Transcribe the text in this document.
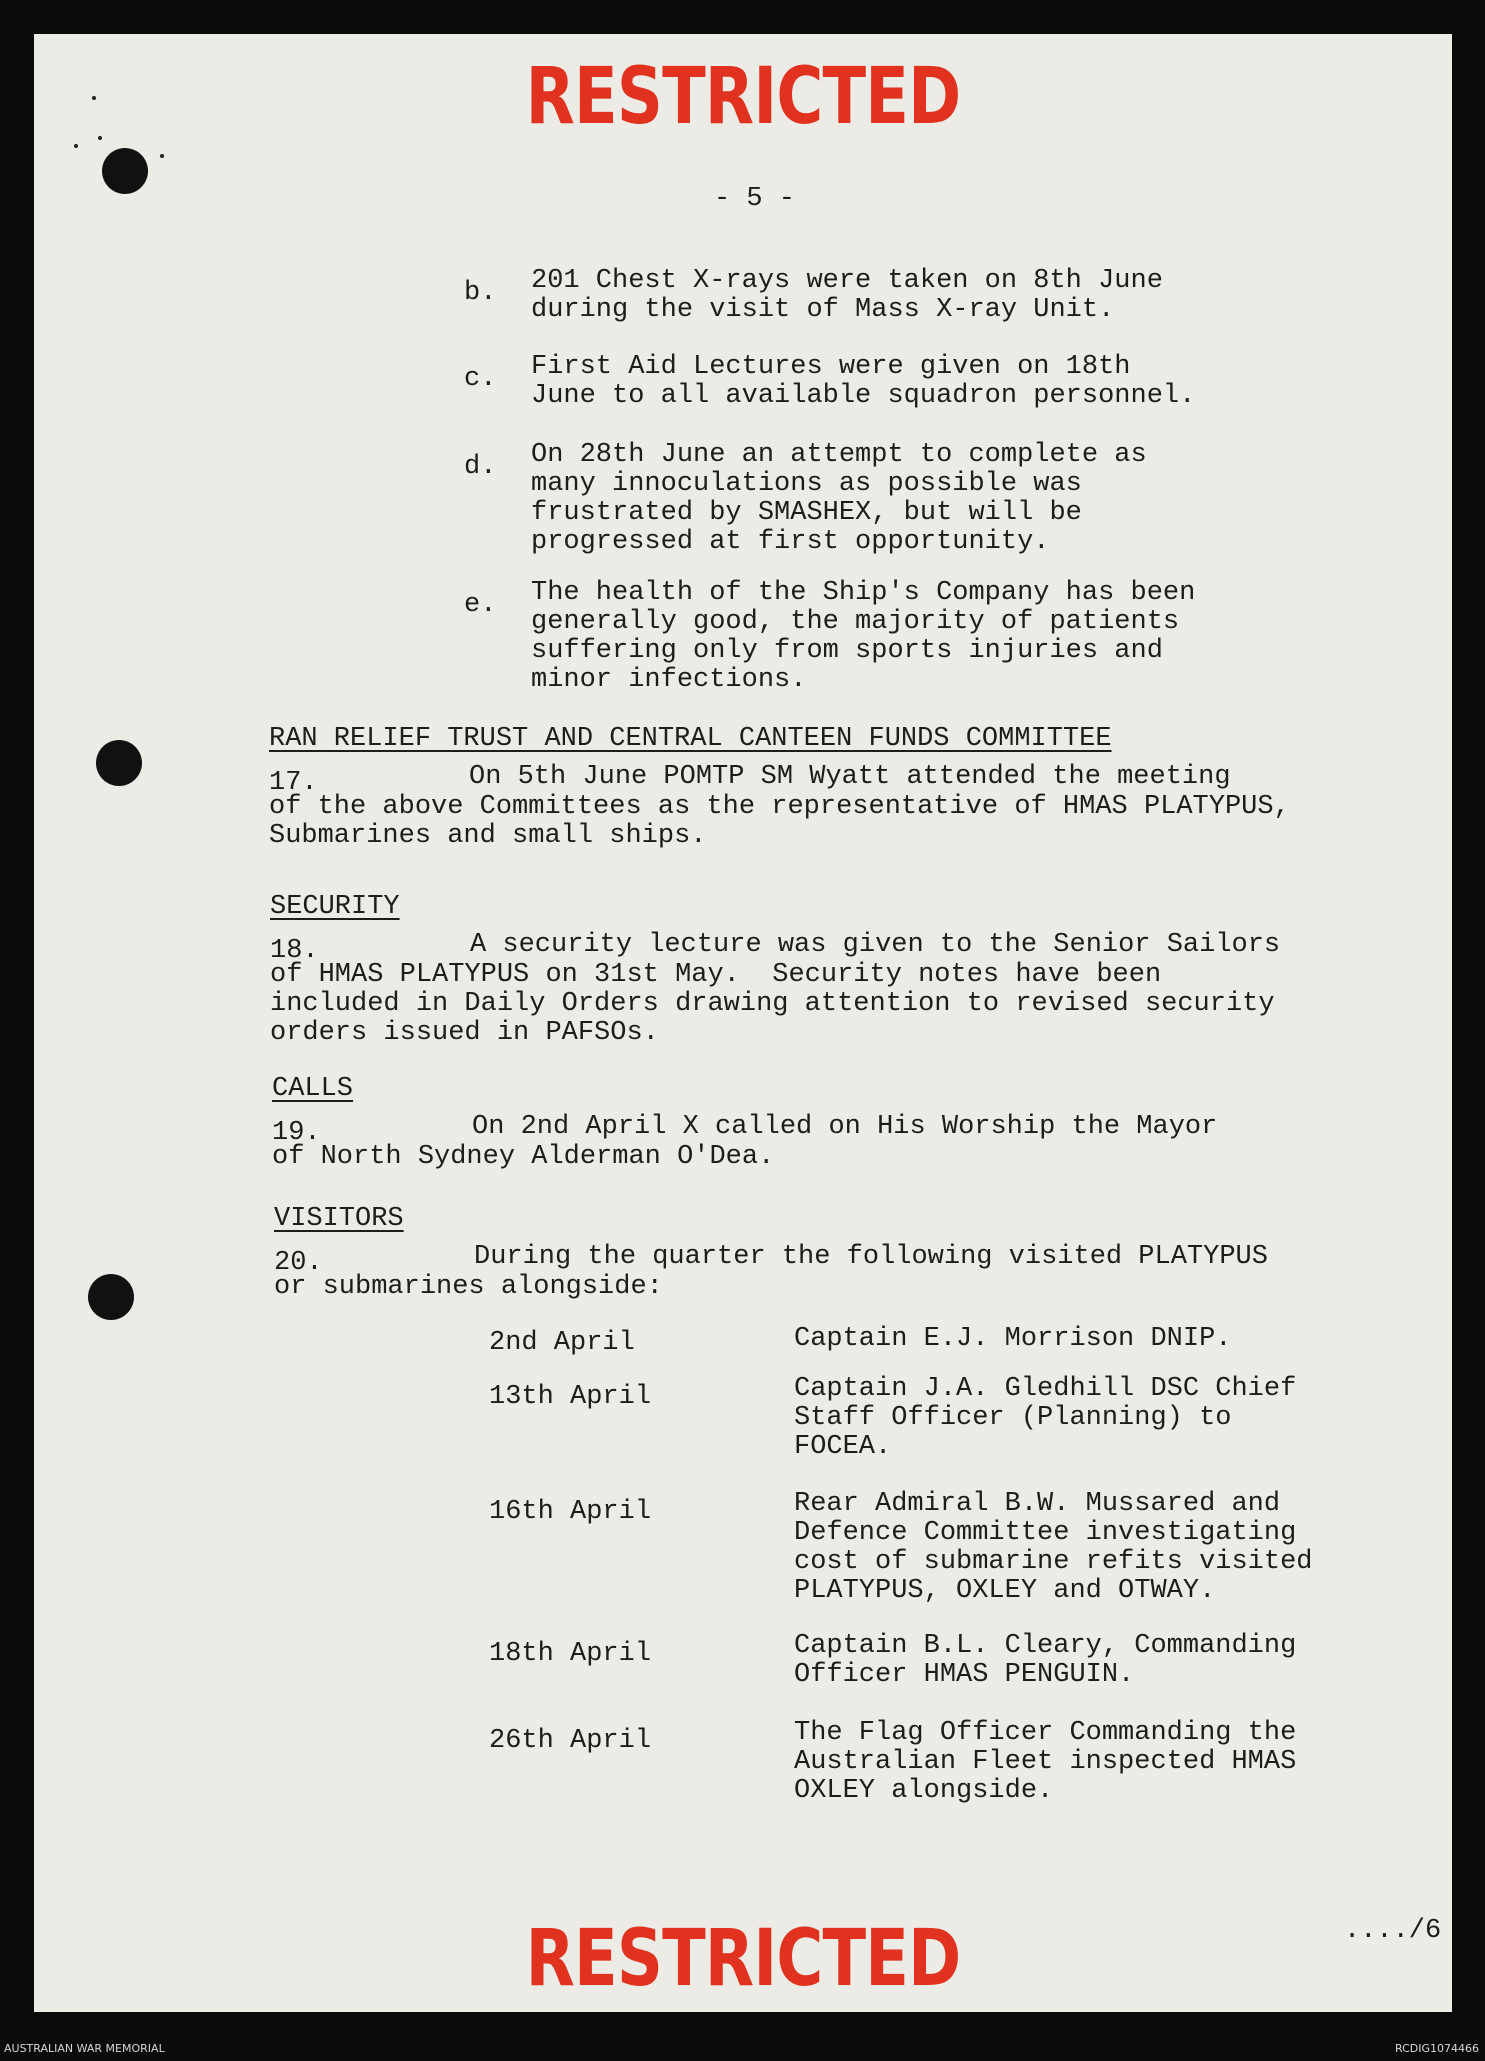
RESTRICTED
- 5 -
b. 201 Chest X-rays were taken on 8th June
during the visit of Mass X-ray Unit.
c. First Aid Lectures were given on 18th
June to all available squadron personnel.
d. On 28th June an attempt to complete as
many innoculations as possible was
frustrated by SMASHEX, but will be
progressed at first opportunity.
e. The health of the Ship's Company has been
generally good, the majority of patients
suffering only from sports injuries and
minor infections.
RAN RELIEF TRUST AND CENTRAL CANTEEN FUNDS COMMITTEE
17.	On 5th June POMTP SM Wyatt attended the meeting
of the above Committees as the representative of HMAS PLATYPUS,
Submarines and small ships.
SECURITY
18.	A security lecture was given to the Senior Sailors
of HMAS PLATYPUS on 31st May.  Security notes have been
included in Daily Orders drawing attention to revised security
orders issued in PAFSOs.
CALLS
19.	On 2nd April X called on His Worship the Mayor
of North Sydney Alderman O'Dea.
VISITORS
20.	During the quarter the following visited PLATYPUS
or submarines alongside:
2nd April	Captain E.J. Morrison DNIP.
13th April	Captain J.A. Gledhill DSC Chief
Staff Officer (Planning) to
FOCEA.
16th April	Rear Admiral B.W. Mussared and
Defence Committee investigating
cost of submarine refits visited
PLATYPUS, OXLEY and OTWAY.
18th April	Captain B.L. Cleary, Commanding
Officer HMAS PENGUIN.
26th April	The Flag Officer Commanding the
Australian Fleet inspected HMAS
OXLEY alongside.
RESTRICTED	..../6
AUSTRALIAN WAR MEMORIAL	RCDIG1074466
